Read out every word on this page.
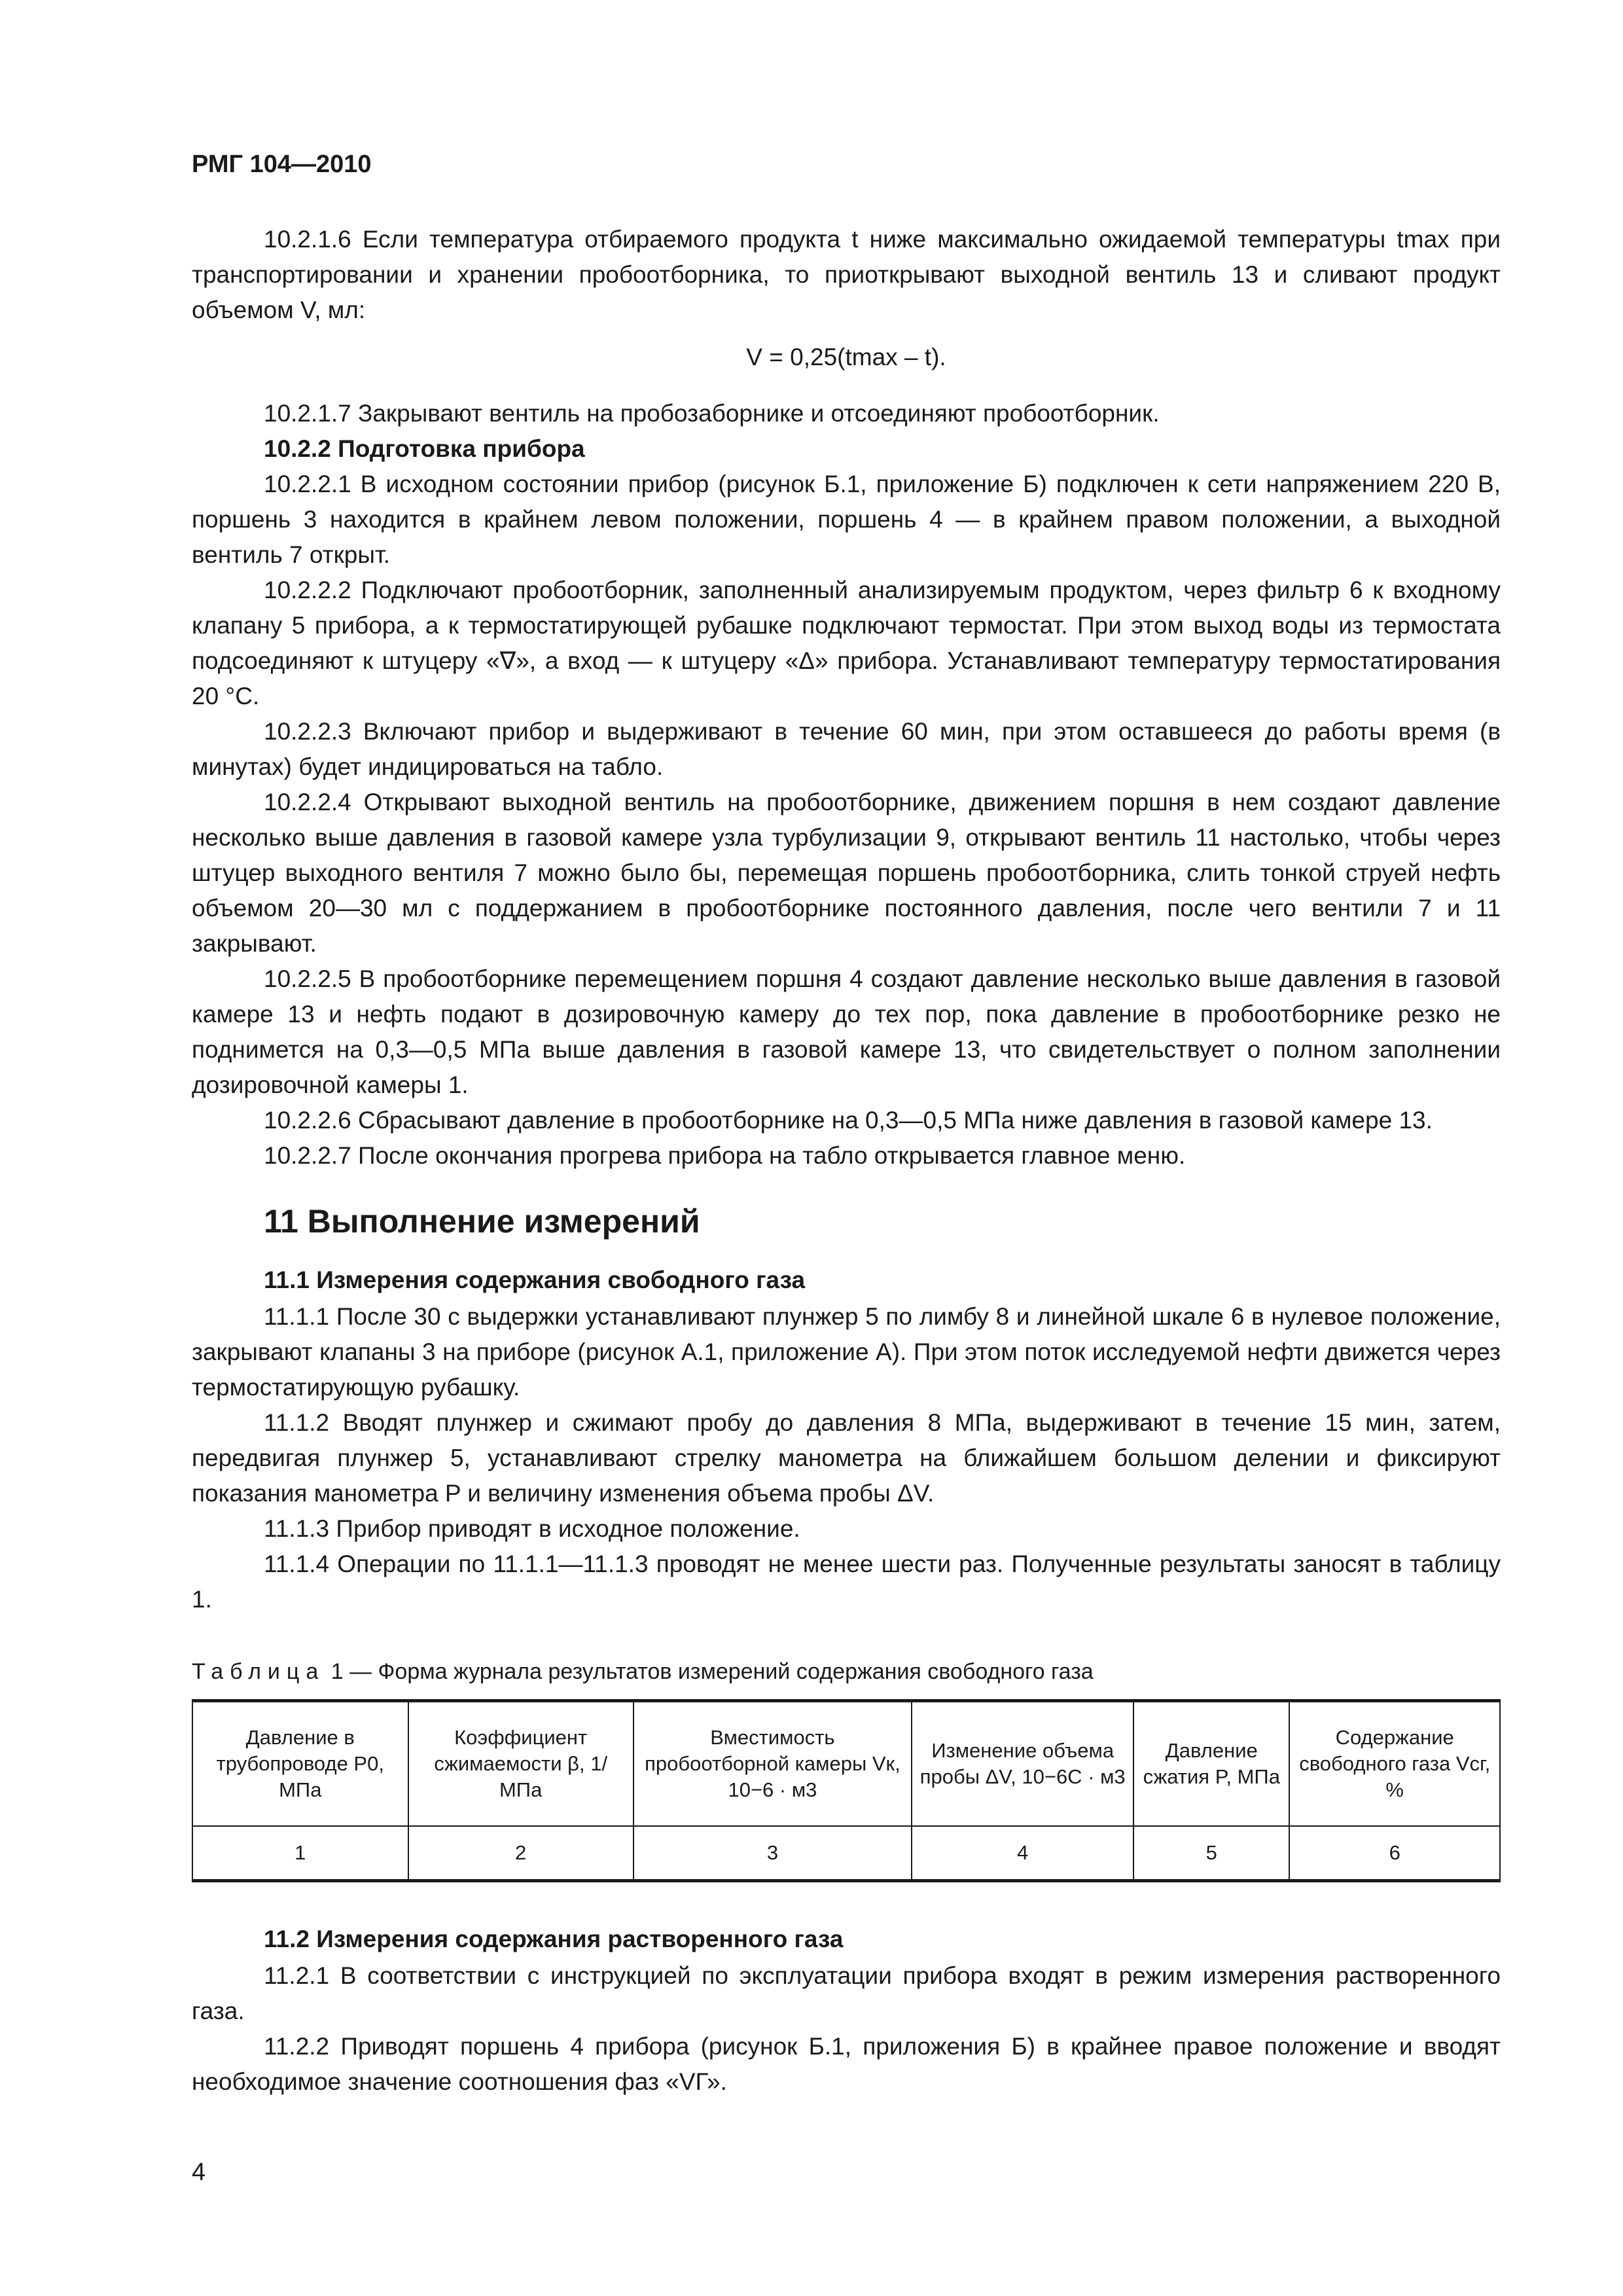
РМГ 104—2010

10.2.1.6 Если температура отбираемого продукта t ниже максимально ожидаемой температуры tmax при транспортировании и хранении пробоотборника, то приоткрывают выходной вентиль 13 и сливают продукт объемом V, мл:

V = 0,25(tmax – t).

10.2.1.7 Закрывают вентиль на пробозаборнике и отсоединяют пробоотборник.

10.2.2 Подготовка прибора

10.2.2.1 В исходном состоянии прибор (рисунок Б.1, приложение Б) подключен к сети напряжением 220 В, поршень 3 находится в крайнем левом положении, поршень 4 — в крайнем правом положении, а выходной вентиль 7 открыт.

10.2.2.2 Подключают пробоотборник, заполненный анализируемым продуктом, через фильтр 6 к входному клапану 5 прибора, а к термостатирующей рубашке подключают термостат. При этом выход воды из термостата подсоединяют к штуцеру «∇», а вход — к штуцеру «Δ» прибора. Устанавливают температуру термостатирования 20 °С.

10.2.2.3 Включают прибор и выдерживают в течение 60 мин, при этом оставшееся до работы время (в минутах) будет индицироваться на табло.

10.2.2.4 Открывают выходной вентиль на пробоотборнике, движением поршня в нем создают давление несколько выше давления в газовой камере узла турбулизации 9, открывают вентиль 11 настолько, чтобы через штуцер выходного вентиля 7 можно было бы, перемещая поршень пробоотборника, слить тонкой струей нефть объемом 20—30 мл с поддержанием в пробоотборнике постоянного давления, после чего вентили 7 и 11 закрывают.

10.2.2.5 В пробоотборнике перемещением поршня 4 создают давление несколько выше давления в газовой камере 13 и нефть подают в дозировочную камеру до тех пор, пока давление в пробоотборнике резко не поднимется на 0,3—0,5 МПа выше давления в газовой камере 13, что свидетельствует о полном заполнении дозировочной камеры 1.

10.2.2.6 Сбрасывают давление в пробоотборнике на 0,3—0,5 МПа ниже давления в газовой камере 13.

10.2.2.7 После окончания прогрева прибора на табло открывается главное меню.

11 Выполнение измерений
11.1 Измерения содержания свободного газа

11.1.1 После 30 с выдержки устанавливают плунжер 5 по лимбу 8 и линейной шкале 6 в нулевое положение, закрывают клапаны 3 на приборе (рисунок А.1, приложение А). При этом поток исследуемой нефти движется через термостатирующую рубашку.

11.1.2 Вводят плунжер и сжимают пробу до давления 8 МПа, выдерживают в течение 15 мин, затем, передвигая плунжер 5, устанавливают стрелку манометра на ближайшем большом делении и фиксируют показания манометра P и величину изменения объема пробы ΔV.

11.1.3 Прибор приводят в исходное положение.

11.1.4 Операции по 11.1.1—11.1.3 проводят не менее шести раз. Полученные результаты заносят в таблицу 1.

Таблица 1 — Форма журнала результатов измерений содержания свободного газа
Давление в трубопроводе P0, МПа	Коэффициент сжимаемости β, 1/МПа	Вместимость пробоотборной камеры Vк, 10−6 · м3	Изменение объема пробы ΔV, 10−6С · м3	Давление сжатия P, МПа	Содержание свободного газа Vсг, %
1	2	3	4	5	6
11.2 Измерения содержания растворенного газа

11.2.1 В соответствии с инструкцией по эксплуатации прибора входят в режим измерения растворенного газа.

11.2.2 Приводят поршень 4 прибора (рисунок Б.1, приложения Б) в крайнее правое положение и вводят необходимое значение соотношения фаз «VГ».

4
